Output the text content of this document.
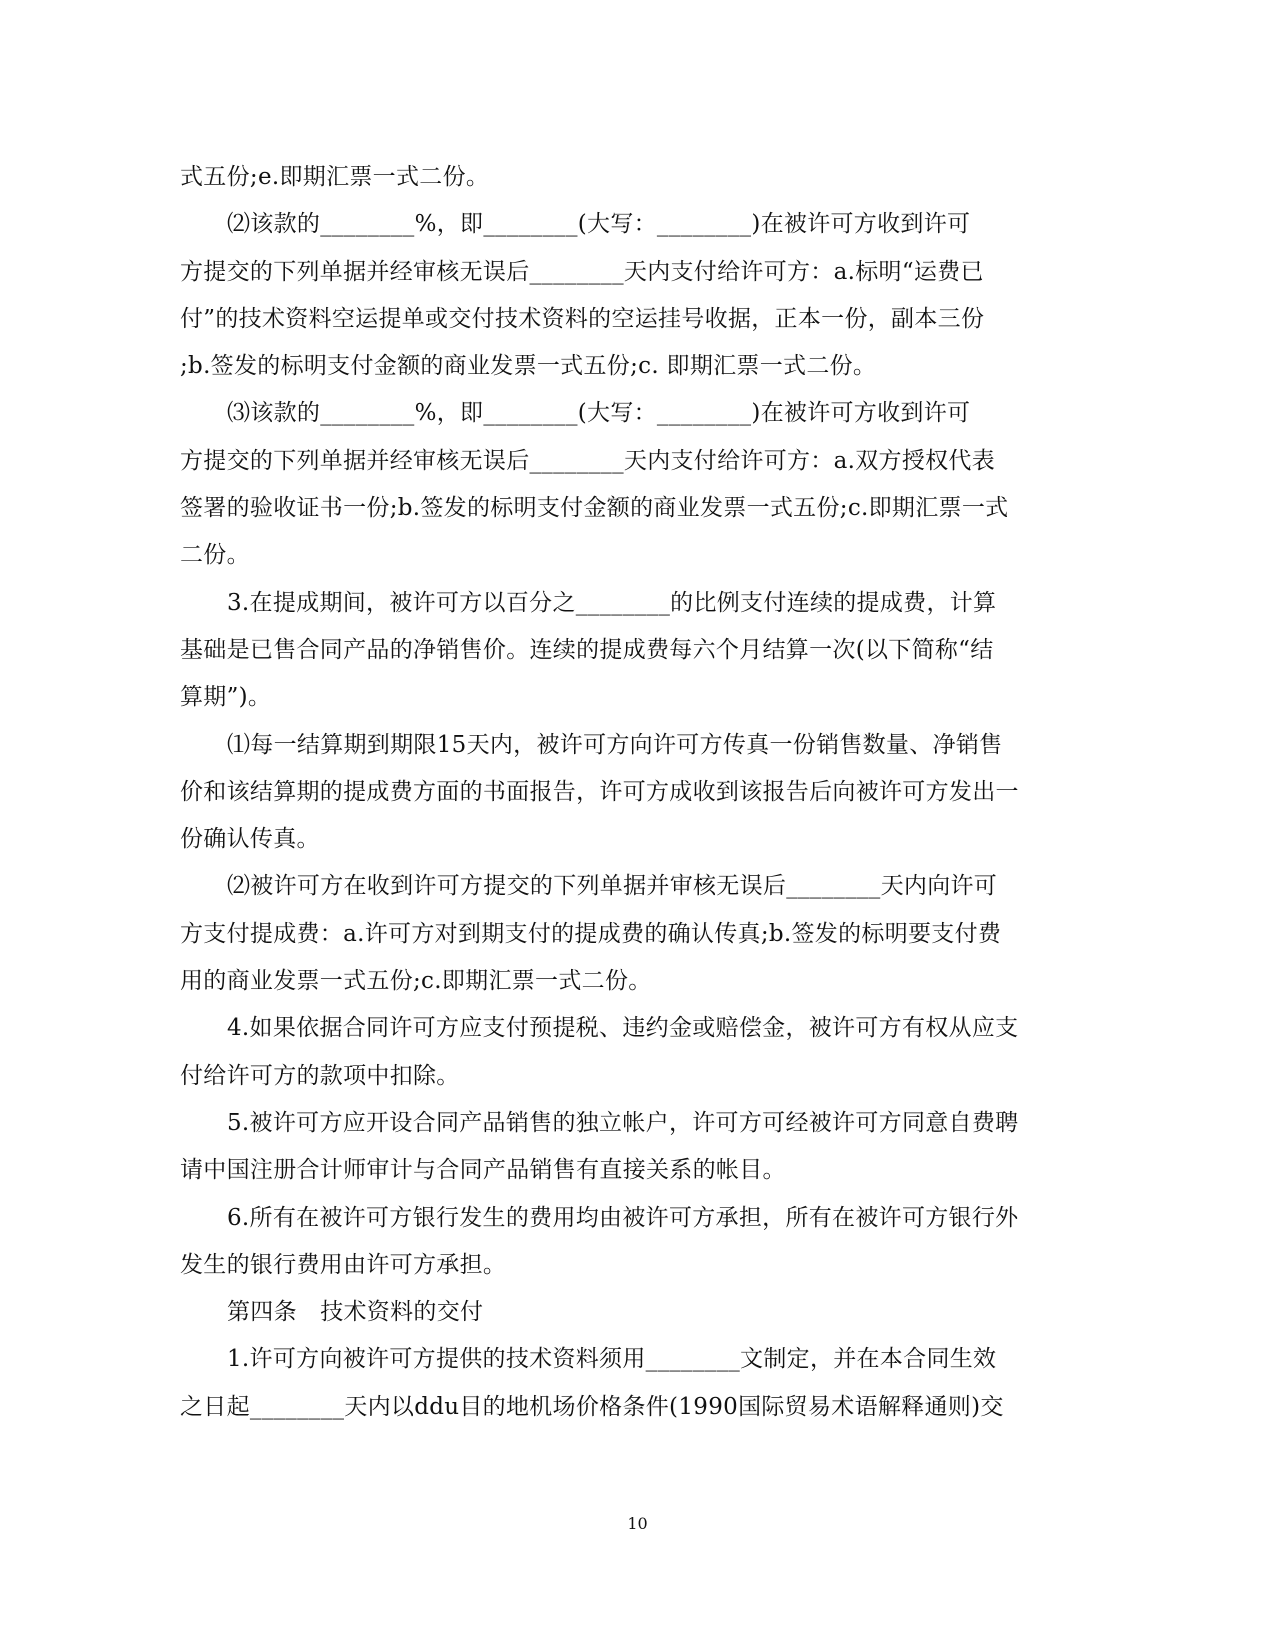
式五份;e.即期汇票一式二份。
⑵该款的________%，即________(大写：________)在被许可方收到许可
方提交的下列单据并经审核无误后________天内支付给许可方：a.标明“运费已
付”的技术资料空运提单或交付技术资料的空运挂号收据，正本一份，副本三份
;b.签发的标明支付金额的商业发票一式五份;c. 即期汇票一式二份。
⑶该款的________%，即________(大写：________)在被许可方收到许可
方提交的下列单据并经审核无误后________天内支付给许可方：a.双方授权代表
签署的验收证书一份;b.签发的标明支付金额的商业发票一式五份;c.即期汇票一式
二份。
3.在提成期间，被许可方以百分之________的比例支付连续的提成费，计算
基础是已售合同产品的净销售价。连续的提成费每六个月结算一次(以下简称“结
算期”)。
⑴每一结算期到期限15天内，被许可方向许可方传真一份销售数量、净销售
价和该结算期的提成费方面的书面报告，许可方成收到该报告后向被许可方发出一
份确认传真。
⑵被许可方在收到许可方提交的下列单据并审核无误后________天内向许可
方支付提成费：a.许可方对到期支付的提成费的确认传真;b.签发的标明要支付费
用的商业发票一式五份;c.即期汇票一式二份。
4.如果依据合同许可方应支付预提税、违约金或赔偿金，被许可方有权从应支
付给许可方的款项中扣除。
5.被许可方应开设合同产品销售的独立帐户，许可方可经被许可方同意自费聘
请中国注册合计师审计与合同产品销售有直接关系的帐目。
6.所有在被许可方银行发生的费用均由被许可方承担，所有在被许可方银行外
发生的银行费用由许可方承担。
第四条　技术资料的交付
1.许可方向被许可方提供的技术资料须用________文制定，并在本合同生效
之日起________天内以ddu目的地机场价格条件(1990国际贸易术语解释通则)交
10
